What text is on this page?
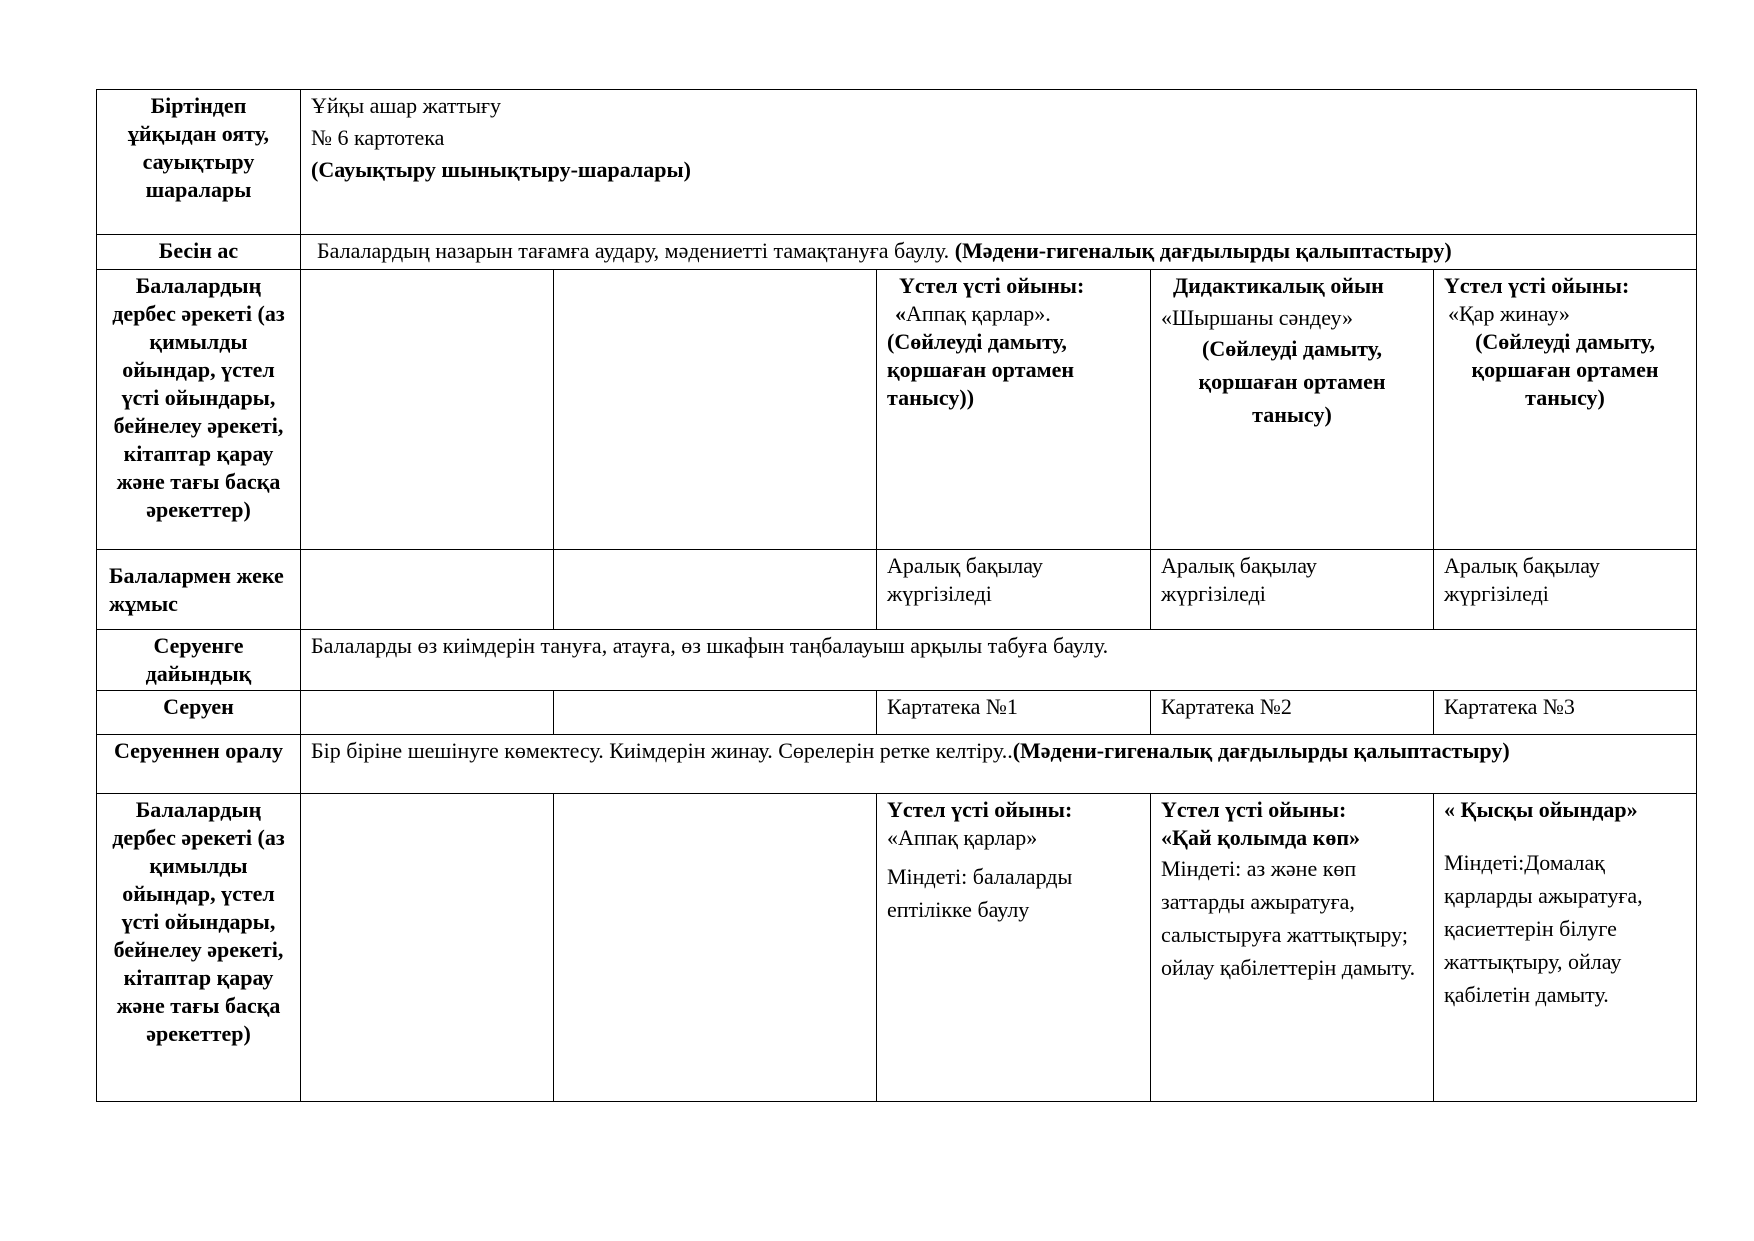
Біртіндеп ұйқыдан ояту, сауықтыру шаралары	Ұйқы ашар жаттығу
№ 6 картотека
(Сауықтыру шынықтыру-шаралары)				

Бесін ас	Балалардың назарын тағамға аудару, мәдениетті тамақтануға баулу. (Мәдени-гигеналық дағдылырды қалыптастыру)				
Балалардың дербес әрекеті (аз қимылды ойындар, үстел үсті ойындары, бейнелеу әрекеті, кітаптар қарау және тағы басқа әрекеттер)			Үстел үсті ойыны:
«Аппақ қарлар».
(Сөйлеуді дамыту, қоршаған ортамен танысу))	Дидактикалық ойын
«Шыршаны сәндеу»
(Сөйлеуді дамыту, қоршаған ортамен танысу)	Үстел үсті ойыны:
«Қар жинау»
(Сөйлеуді дамыту, қоршаған ортамен танысу)

Балалармен жеке жұмыс			Аралық бақылау жүргізіледі	Аралық бақылау жүргізіледі	Аралық бақылау жүргізіледі
Серуенге дайындық	Балаларды өз киімдерін тануға, атауға, өз шкафын таңбалауыш арқылы табуға баулу.				
Серуен			Картатека №1	Картатека №2	Картатека №3
Серуеннен оралу	Бір біріне шешінуге көмектесу. Киімдерін жинау. Сөрелерін ретке келтіру..(Мәдени-гигеналық дағдылырды қалыптастыру)				
Балалардың дербес әрекеті (аз қимылды ойындар, үстел үсті ойындары, бейнелеу әрекеті, кітаптар қарау және тағы басқа әрекеттер)			Үстел үсті ойыны:
«Аппақ қарлар»
Міндеті: балаларды ептілікке баулу	Үстел үсті ойыны:
«Қай қолымда көп»
Міндеті: аз және көп заттарды ажыратуға, салыстыруға жаттықтыру; ойлау қабілеттерін дамыту.	« Қысқы ойындар»
Міндеті:Домалақ қарларды ажыратуға, қасиеттерін білуге жаттықтыру, ойлау қабілетін дамыту.
